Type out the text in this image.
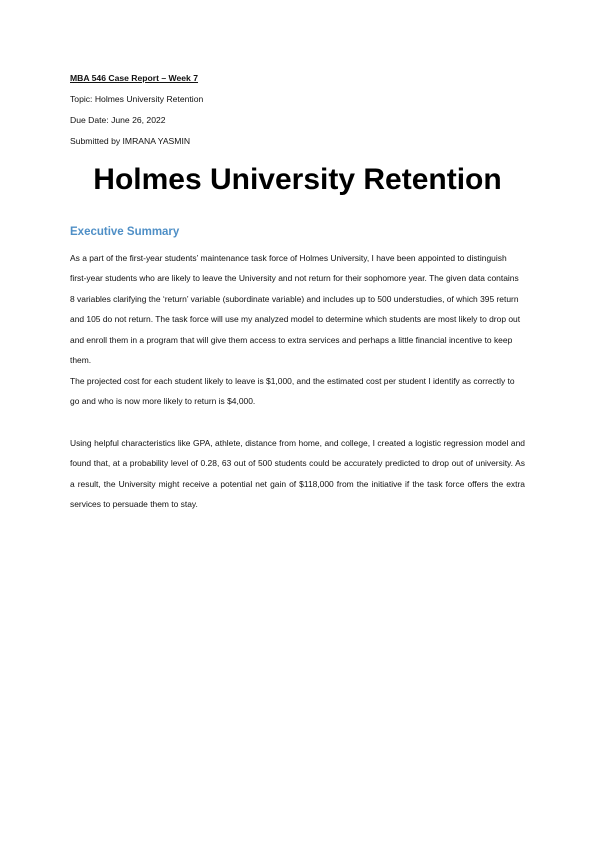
MBA 546 Case Report – Week 7
Topic: Holmes University Retention
Due Date: June 26, 2022
Submitted by IMRANA YASMIN
Holmes University Retention
Executive Summary

As a part of the first-year students’ maintenance task force of Holmes University, I have been appointed to distinguish first-year students who are likely to leave the University and not return for their sophomore year. The given data contains 8 variables clarifying the ‘return’ variable (subordinate variable) and includes up to 500 understudies, of which 395 return and 105 do not return. The task force will use my analyzed model to determine which students are most likely to drop out and enroll them in a program that will give them access to extra services and perhaps a little financial incentive to keep them.

The projected cost for each student likely to leave is $1,000, and the estimated cost per student I identify as correctly to go and who is now more likely to return is $4,000.

Using helpful characteristics like GPA, athlete, distance from home, and college, I created a logistic regression model and found that, at a probability level of 0.28, 63 out of 500 students could be accurately predicted to drop out of university. As a result, the University might receive a potential net gain of $118,000 from the initiative if the task force offers the extra services to persuade them to stay.
